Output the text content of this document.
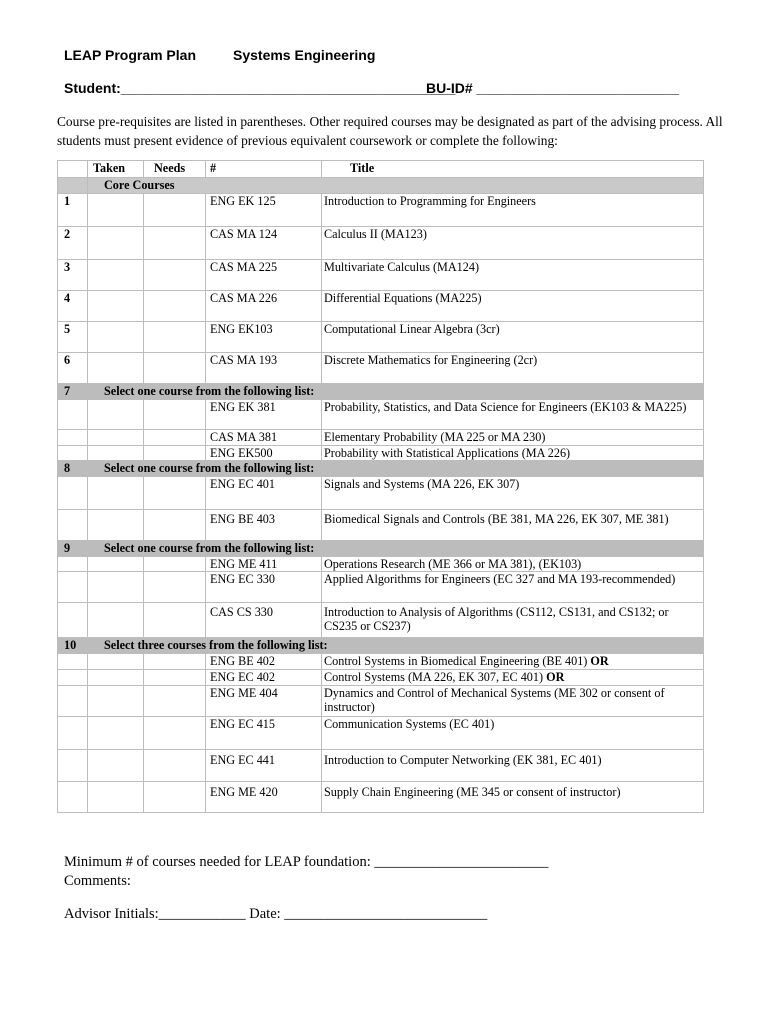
LEAP Program Plan	Systems Engineering
Student:___________________________________________
BU-ID# __________________________
Course pre-requisites are listed in parentheses. Other required courses may be designated as part of the advising process. All students must present evidence of previous equivalent coursework or complete the following:
	Taken	Needs	#	Title
	Core Courses			
1			ENG EK 125	Introduction to Programming for Engineers
2			CAS MA 124	Calculus II (MA123)
3			CAS MA 225	Multivariate Calculus (MA124)
4			CAS MA 226	Differential Equations (MA225)
5			ENG EK103	Computational Linear Algebra (3cr)
6			CAS MA 193	Discrete Mathematics for Engineering (2cr)
7	Select one course from the following list:			
			ENG EK 381	Probability, Statistics, and Data Science for Engineers (EK103 & MA225)
			CAS MA 381	Elementary Probability (MA 225 or MA 230)
			ENG EK500	Probability with Statistical Applications (MA 226)
8	Select one course from the following list:			
			ENG EC 401	Signals and Systems (MA 226, EK 307)
			ENG BE 403	Biomedical Signals and Controls (BE 381, MA 226, EK 307, ME 381)
9	Select one course from the following list:			
			ENG ME 411	Operations Research (ME 366 or MA 381), (EK103)
			ENG EC 330	Applied Algorithms for Engineers (EC 327 and MA 193-recommended)
			CAS CS 330	Introduction to Analysis of Algorithms (CS112, CS131, and CS132; or CS235 or CS237)
10	Select three courses from the following list:			
			ENG BE 402	Control Systems in Biomedical Engineering (BE 401) OR
			ENG EC 402	Control Systems (MA 226, EK 307, EC 401) OR
			ENG ME 404	Dynamics and Control of Mechanical Systems (ME 302 or consent of instructor)
			ENG EC 415	Communication Systems (EC 401)
			ENG EC 441	Introduction to Computer Networking (EK 381, EC 401)
			ENG ME 420	Supply Chain Engineering (ME 345 or consent of instructor)
Minimum # of courses needed for LEAP foundation: ________________________
Comments:
Advisor Initials:____________ Date: ____________________________
